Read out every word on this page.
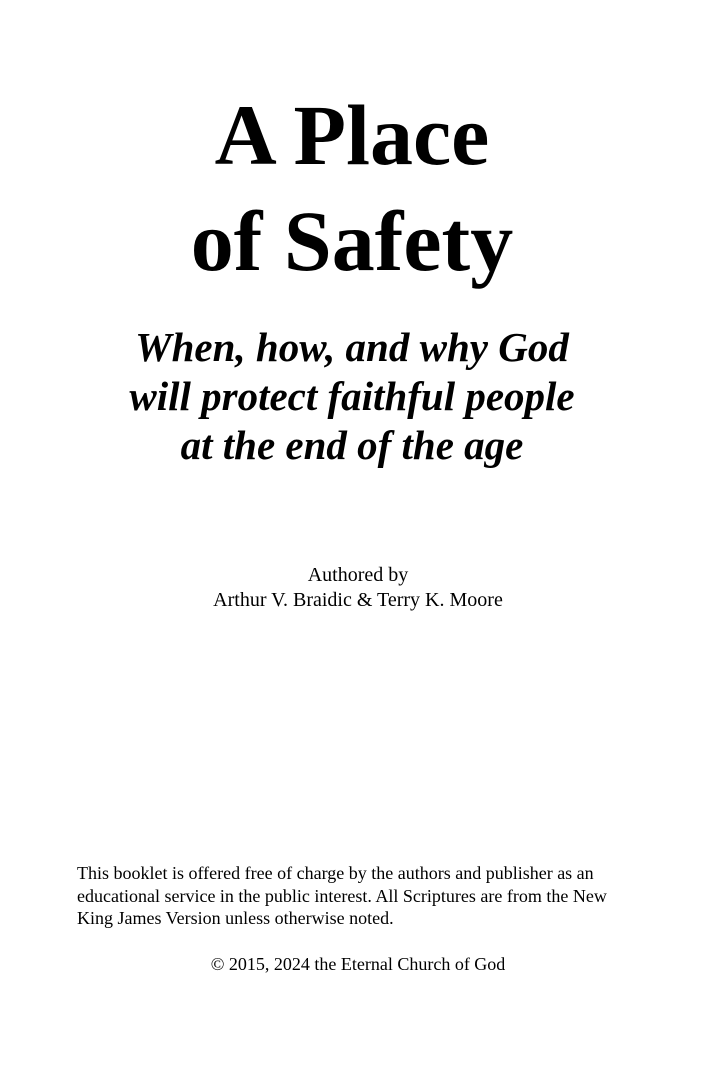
A Place
of Safety

When, how, and why God

will protect faithful people

at the end of the age

Authored by

Arthur V. Braidic & Terry K. Moore

This booklet is offered free of charge by the authors and publisher as an
educational service in the public interest. All Scriptures are from the New
King James Version unless otherwise noted.

© 2015, 2024 the Eternal Church of God
